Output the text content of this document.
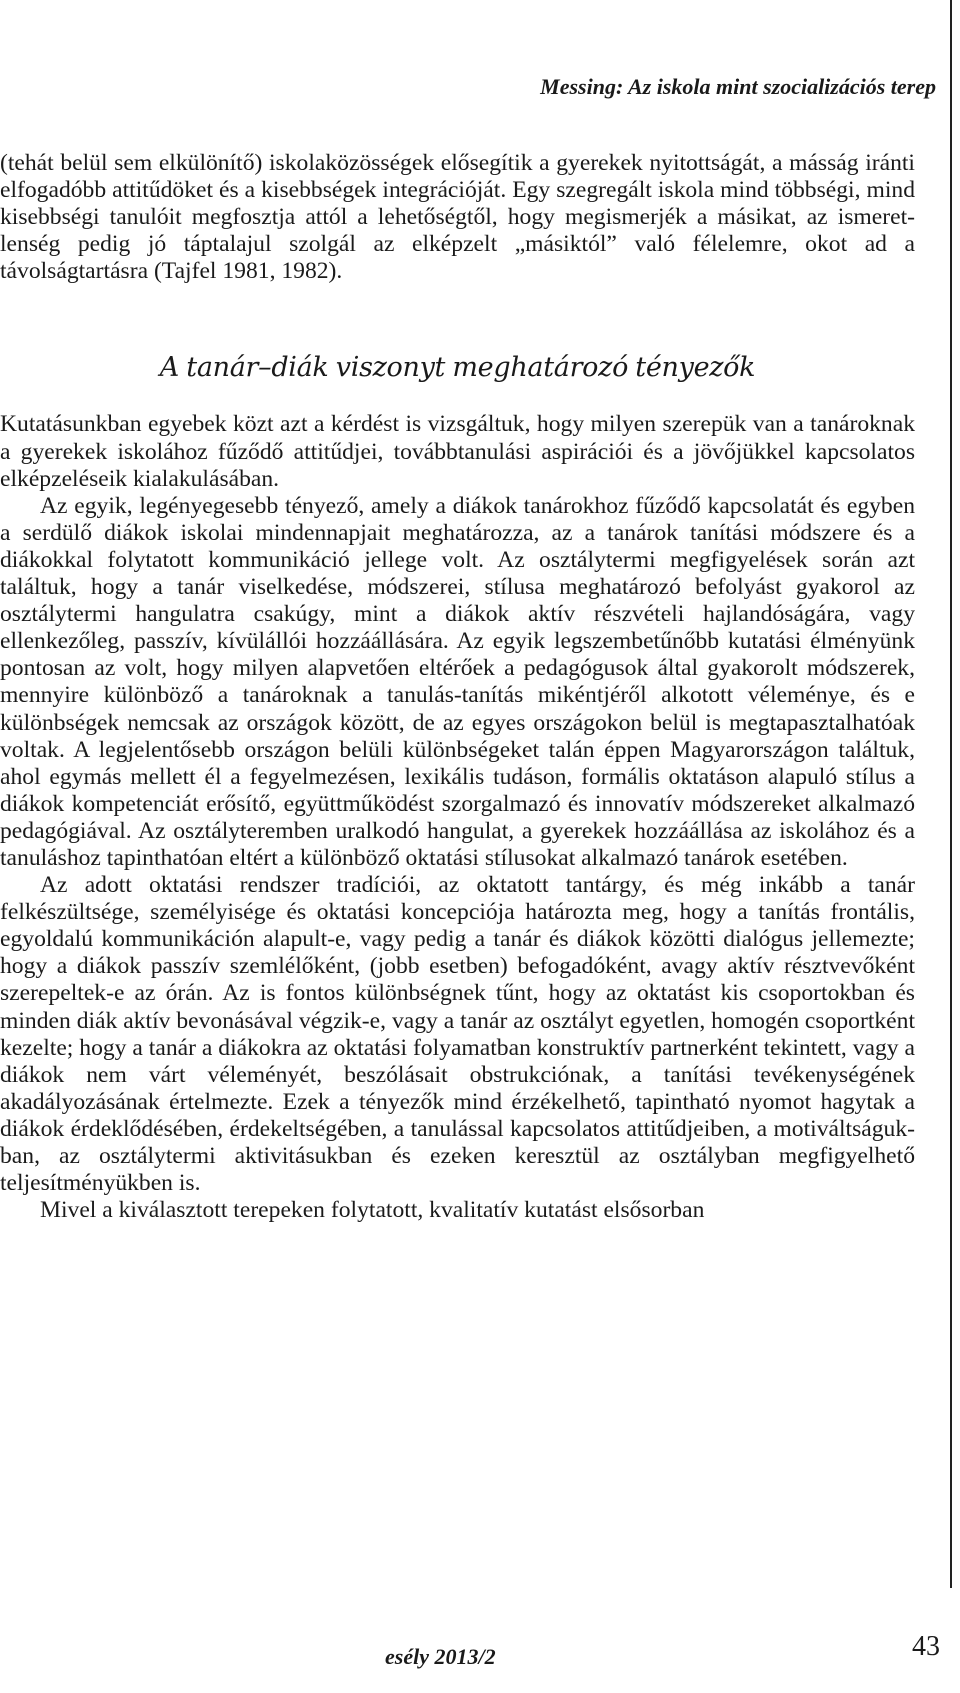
Messing: Az iskola mint szocializációs terep

(tehát belül sem elkülönítő) iskolaközösségek elősegítik a gyerekek nyitottságát, a másság iránti elfogadóbb attitűdöket és a kisebbségek integrációját. Egy szegregált iskola mind többségi, mind kisebbségi tanulóit megfosztja attól a lehetőségtől, hogy megismerjék a másikat, az ismeretlenség pedig jó táptalajul szolgál az elképzelt „másiktól” való félelemre, okot ad a távolságtartásra (Tajfel 1981, 1982).

A tanár–diák viszonyt meghatározó tényezők

Kutatásunkban egyebek közt azt a kérdést is vizsgáltuk, hogy milyen szerepük van a tanároknak a gyerekek iskolához fűződő attitűdjei, továbbtanulási aspirációi és a jövőjükkel kapcsolatos elképzeléseik kialakulásában.

Az egyik, legényegesebb tényező, amely a diákok tanárokhoz fűződő kapcsolatát és egyben a serdülő diákok iskolai mindennapjait meghatározza, az a tanárok tanítási módszere és a diákokkal folytatott kommunikáció jellege volt. Az osztálytermi megfigyelések során azt találtuk, hogy a tanár viselkedése, módszerei, stílusa meghatározó befolyást gyakorol az osztálytermi hangulatra csakúgy, mint a diákok aktív részvételi hajlandóságára, vagy ellenkezőleg, passzív, kívülállói hozzáállására. Az egyik legszembetűnőbb kutatási élményünk pontosan az volt, hogy milyen alapvetően eltérőek a pedagógusok által gyakorolt módszerek, mennyire különböző a tanároknak a tanulás-tanítás mikéntjéről alkotott véleménye, és e különbségek nemcsak az országok között, de az egyes országokon belül is megtapasztalhatóak voltak. A legjelentősebb országon belüli különbségeket talán éppen Magyarországon találtuk, ahol egymás mellett él a fegyelmezésen, lexikális tudáson, formális oktatáson alapuló stílus a diákok kompetenciát erősítő, együttműködést szorgalmazó és innovatív módszereket alkalmazó pedagógiával. Az osztályteremben uralkodó hangulat, a gyerekek hozzáállása az iskolához és a tanuláshoz tapinthatóan eltért a különböző oktatási stílusokat alkalmazó tanárok esetében.

Az adott oktatási rendszer tradíciói, az oktatott tantárgy, és még inkább a tanár felkészültsége, személyisége és oktatási koncepciója határozta meg, hogy a tanítás frontális, egyoldalú kommunikáción alapult-e, vagy pedig a tanár és diákok közötti dialógus jellemezte; hogy a diákok passzív szemlélőként, (jobb esetben) befogadóként, avagy aktív résztvevőként szerepeltek-e az órán. Az is fontos különbségnek tűnt, hogy az oktatást kis csoportokban és minden diák aktív bevonásával végzik-e, vagy a tanár az osztályt egyetlen, homogén csoportként kezelte; hogy a tanár a diákokra az oktatási folyamatban konstruktív partnerként tekintett, vagy a diákok nem várt véleményét, beszólásait obstrukciónak, a tanítási tevékenységének akadályozásának értelmezte. Ezek a tényezők mind érzékelhető, tapintható nyomot hagytak a diákok érdeklődésében, érdekeltségében, a tanulással kapcsolatos attitűdjeiben, a motiváltságukban, az osztálytermi aktivitásukban és ezeken keresztül az osztályban megfigyelhető teljesítményükben is.

Mivel a kiválasztott terepeken folytatott, kvalitatív kutatást elsősorban

esély 2013/2	43
